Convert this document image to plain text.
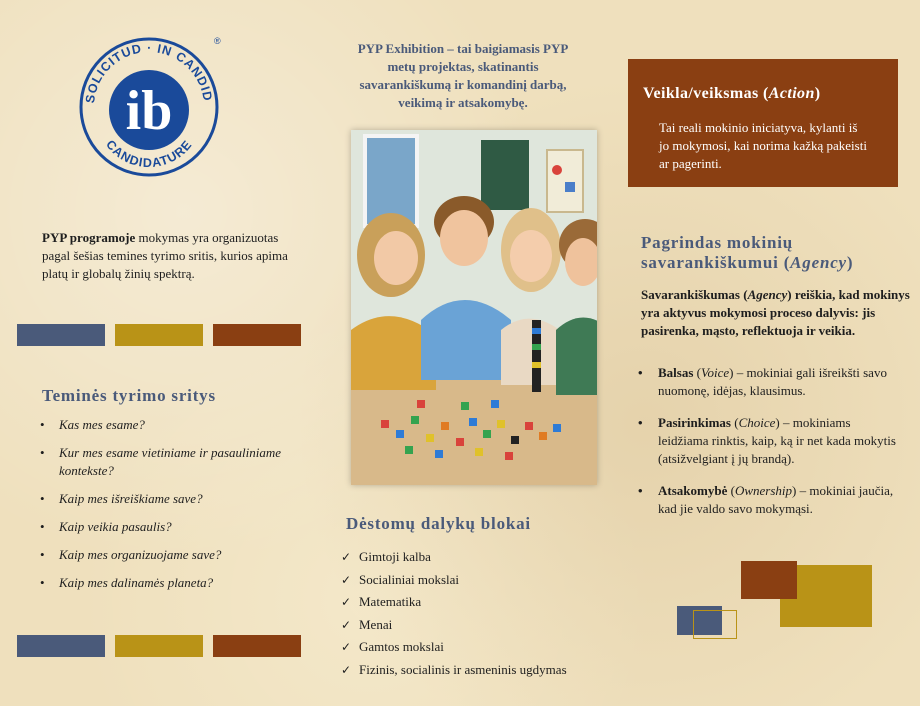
SOLICITUD · IN CANDID
CANDIDATURE
ib
®
PYP programoje mokymas yra organizuotas pagal šešias temines tyrimo sritis, kurios apima platų ir globalų žinių spektrą.
Teminės tyrimo sritys
• Kas mes esame?
• Kur mes esame vietiniame ir pasauliniame kontekste?
• Kaip mes išreiškiame save?
• Kaip veikia pasaulis?
• Kaip mes organizuojame save?
• Kaip mes dalinamės planeta?
PYP Exhibition – tai baigiamasis PYP metų projektas, skatinantis savarankiškumą ir komandinį darbą, veikimą ir atsakomybę.
Dėstomų dalykų blokai
✓ Gimtoji kalba
✓ Socialiniai mokslai
✓ Matematika
✓ Menai
✓ Gamtos mokslai
✓ Fizinis, socialinis ir asmeninis ugdymas
Veikla/veiksmas (Action)
Tai reali mokinio iniciatyva, kylanti iš jo mokymosi, kai norima kažką pakeisti ar pagerinti.
Pagrindas mokinių savarankiškumui (Agency)
Savarankiškumas (Agency) reiškia, kad mokinys yra aktyvus mokymosi proceso dalyvis: jis pasirenka, mąsto, reflektuoja ir veikia.
• Balsas (Voice) – mokiniai gali išreikšti savo nuomonę, idėjas, klausimus.
• Pasirinkimas (Choice) – mokiniams leidžiama rinktis, kaip, ką ir net kada mokytis (atsižvelgiant į jų brandą).
• Atsakomybė (Ownership) – mokiniai jaučia, kad jie valdo savo mokymąsi.
